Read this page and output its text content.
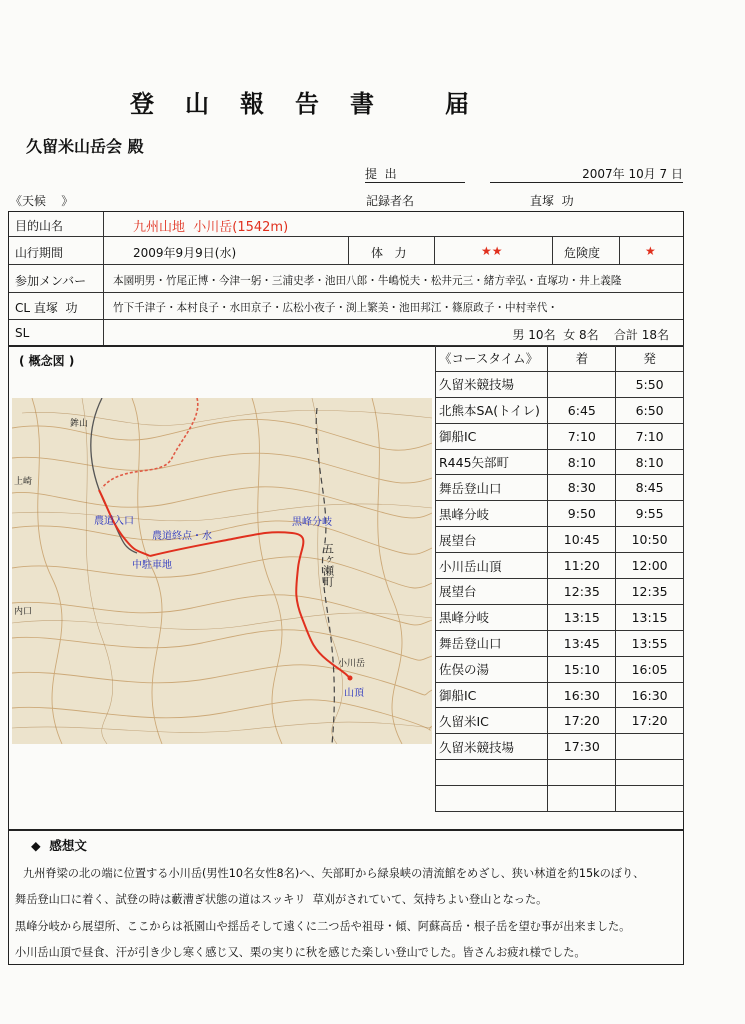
登 山 報 告 書	届
久留米山岳会 殿
提  出	2007年 10月 7 日
《天候    》	記録者名	直塚  功
目的山名	九州山地  小川岳(1542m)
山行期間	2009年9月9日(水)	体   力	★★	危険度	★
参加メンバー	本園明男・竹尾正博・今津一躬・三浦史孝・池田八郎・牛嶋悦夫・松井元三・緒方幸弘・直塚功・井上義隆
CL 直塚  功	竹下千津子・本村良子・水田京子・広松小夜子・渕上繁美・池田邦江・篠原政子・中村幸代・
SL	男 10名  女 8名    合計 18名
( 概念図 )
農道入口
農道終点・水
中駐車地
黒峰分岐
山頂
五ヶ瀬町
小川岳
鉾山
上崎
内口
《コースタイム》	着	発
久留米競技場		5:50
北熊本SA(トイレ)	6:45	6:50
御船IC	7:10	7:10
R445矢部町	8:10	8:10
舞岳登山口	8:30	8:45
黒峰分岐	9:50	9:55
展望台	10:45	10:50
小川岳山頂	11:20	12:00
展望台	12:35	12:35
黒峰分岐	13:15	13:15
舞岳登山口	13:45	13:55
佐俣の湯	15:10	16:05
御船IC	16:30	16:30
久留米IC	17:20	17:20
久留米競技場	17:30	

◆  感想文
九州脊梁の北の端に位置する小川岳(男性10名女性8名)へ、矢部町から緑泉峡の清流館をめざし、狭い林道を約15kのぼり、
舞岳登山口に着く、試登の時は藪漕ぎ状態の道はスッキリ  草刈がされていて、気持ちよい登山となった。
黒峰分岐から展望所、ここからは祇園山や揺岳そして遠くに二つ岳や祖母・傾、阿蘇高岳・根子岳を望む事が出来ました。
小川岳山頂で昼食、汗が引き少し寒く感じ又、栗の実りに秋を感じた楽しい登山でした。皆さんお疲れ様でした。
